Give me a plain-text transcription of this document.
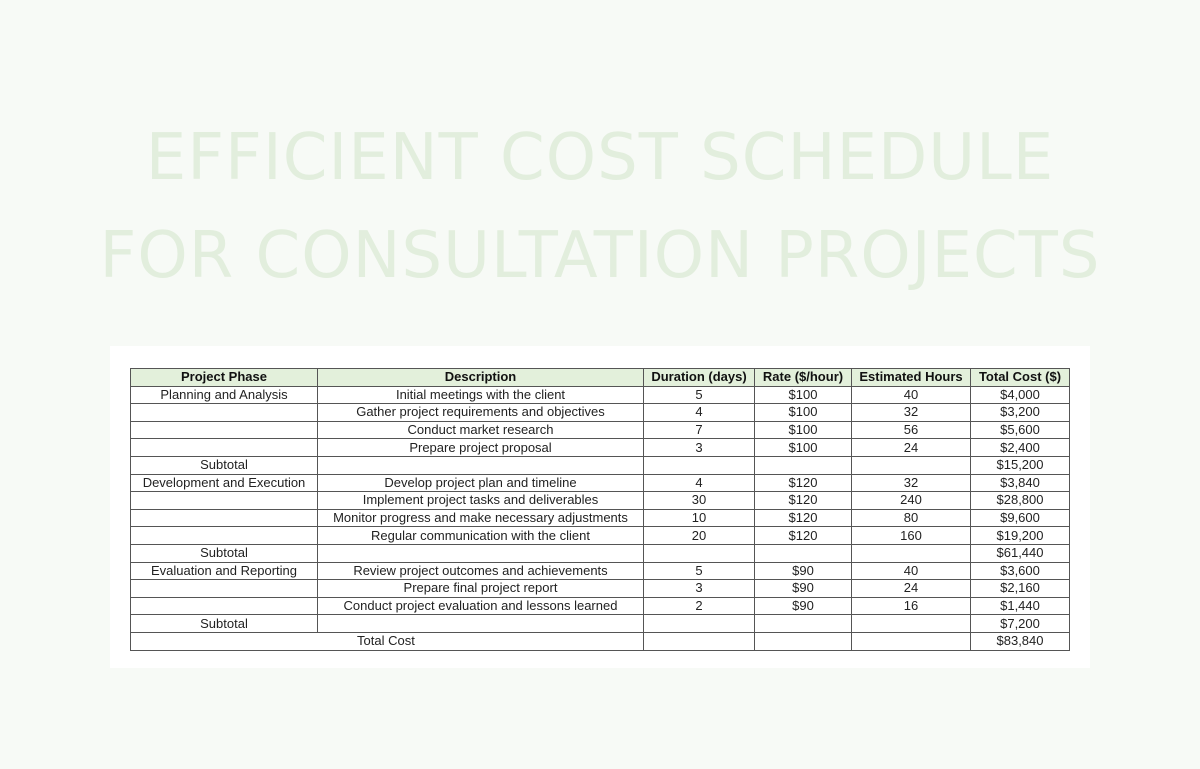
EFFICIENT COST SCHEDULE
FOR CONSULTATION PROJECTS
Project Phase	Description	Duration (days)	Rate ($/hour)	Estimated Hours	Total Cost ($)
Planning and Analysis	Initial meetings with the client	5	$100	40	$4,000
	Gather project requirements and objectives	4	$100	32	$3,200
	Conduct market research	7	$100	56	$5,600
	Prepare project proposal	3	$100	24	$2,400
Subtotal					$15,200
Development and Execution	Develop project plan and timeline	4	$120	32	$3,840
	Implement project tasks and deliverables	30	$120	240	$28,800
	Monitor progress and make necessary adjustments	10	$120	80	$9,600
	Regular communication with the client	20	$120	160	$19,200
Subtotal					$61,440
Evaluation and Reporting	Review project outcomes and achievements	5	$90	40	$3,600
	Prepare final project report	3	$90	24	$2,160
	Conduct project evaluation and lessons learned	2	$90	16	$1,440
Subtotal					$7,200
Total Cost					$83,840
